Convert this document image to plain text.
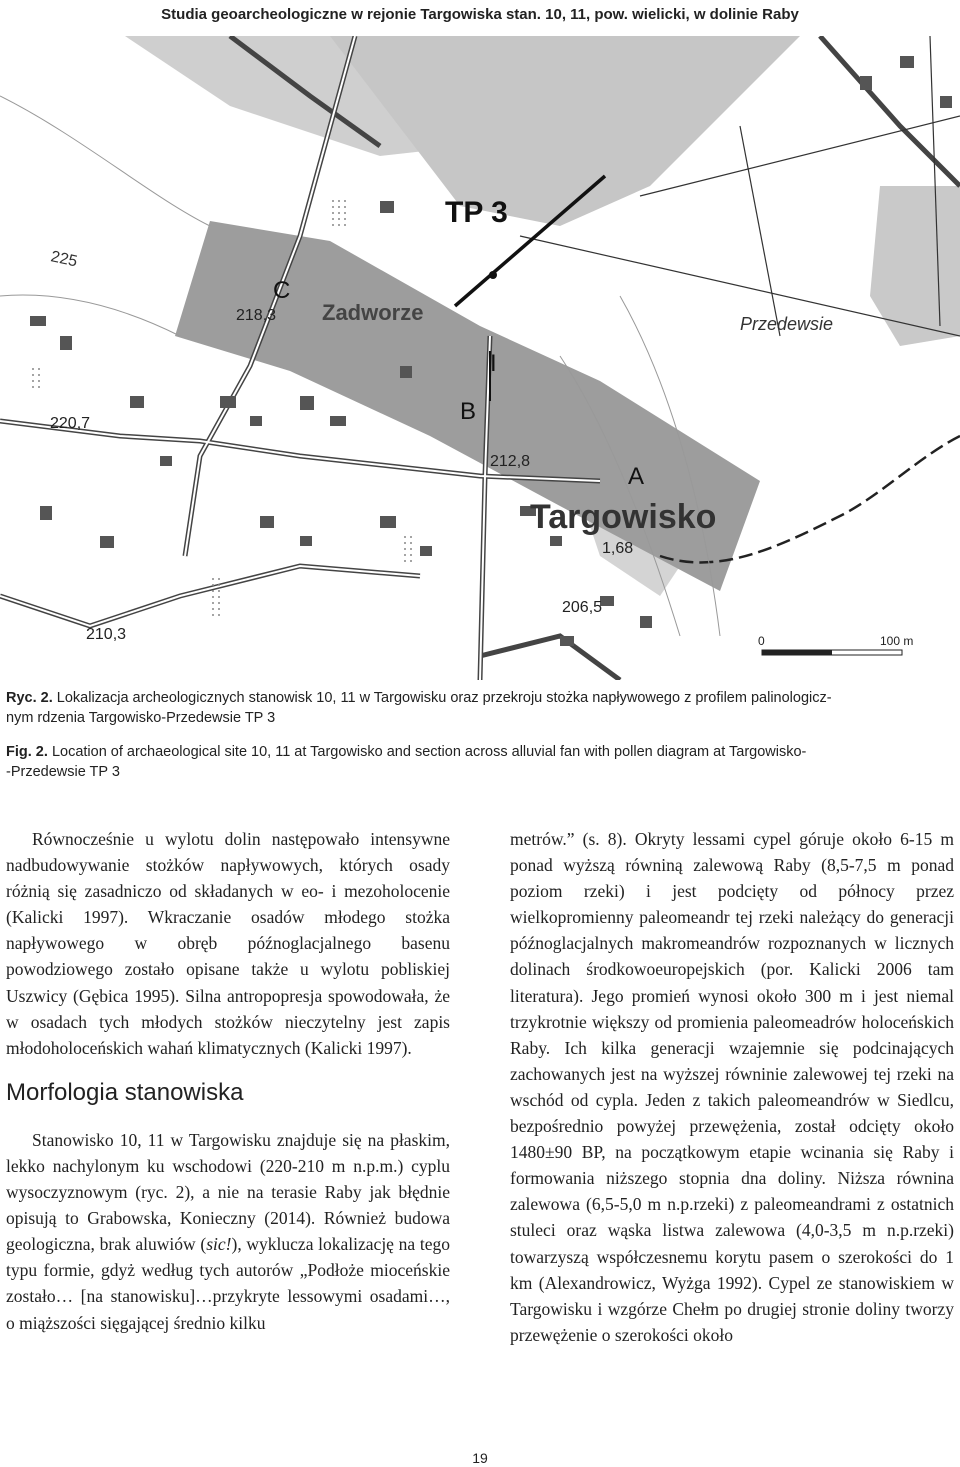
Studia geoarcheologiczne w rejonie Targowiska stan. 10, 11, pow. wielicki, w dolinie Raby
TP 3
C
Zadworze	Przedewsie
B
I
A
Targowisko
225
218,3
220,7
212,8
1,68
206,5
210,3	0	100 m
Ryc. 2. Lokalizacja archeologicznych stanowisk 10, 11 w Targowisku oraz przekroju stożka napływowego z profilem palinologicz-
nym rdzenia Targowisko-Przedewsie TP 3
Fig. 2. Location of archaeological site 10, 11 at Targowisko and section across alluvial fan with pollen diagram at Targowisko-
-Przedewsie TP 3

Równocześnie u wylotu dolin następowało intensywne nadbudowywanie stożków napływowych, których osady różnią się zasadniczo od składanych w eo- i mezoholocenie (Kalicki 1997). Wkraczanie osadów młodego stożka napływowego w obręb późnoglacjalnego basenu powodziowego zostało opisane także u wylotu pobliskiej Uszwicy (Gębica 1995). Silna antropopresja spowodowała, że w osadach tych młodych stożków nieczytelny jest zapis młodoholoceńskich wahań klimatycznych (Kalicki 1997).

Morfologia stanowiska

Stanowisko 10, 11 w Targowisku znajduje się na płaskim, lekko nachylonym ku wschodowi (220-210 m n.p.m.) cyplu wysoczyznowym (ryc. 2), a nie na terasie Raby jak błędnie opisują to Grabowska, Konieczny (2014). Również budowa geologiczna, brak aluwiów (sic!), wyklucza lokalizację na tego typu formie, gdyż według tych autorów „Podłoże mioceńskie zostało… [na stanowisku]…przykryte lessowymi osadami…, o miąższości sięgającej średnio kilku

metrów.” (s. 8). Okryty lessami cypel góruje około 6-15 m ponad wyższą równiną zalewową Raby (8,5-7,5 m ponad poziom rzeki) i jest podcięty od północy przez wielkopromienny paleomeandr tej rzeki należący do generacji późnoglacjalnych makromeandrów rozpoznanych w licznych dolinach środkowoeuropejskich (por. Kalicki 2006 tam literatura). Jego promień wynosi około 300 m i jest niemal trzykrotnie większy od promienia paleomeadrów holoceńskich Raby. Ich kilka generacji wzajemnie się podcinających zachowanych jest na wyższej równinie zalewowej tej rzeki na wschód od cypla. Jeden z takich paleomeandrów w Siedlcu, bezpośrednio powyżej przewężenia, został odcięty około 1480±90 BP, na początkowym etapie wcinania się Raby i formowania niższego stopnia dna doliny. Niższa równina zalewowa (6,5-5,0 m n.p.rzeki) z paleomeandrami z ostatnich stuleci oraz wąska listwa zalewowa (4,0-3,5 m n.p.rzeki) towarzyszą współczesnemu korytu pasem o szerokości do 1 km (Alexandrowicz, Wyżga 1992). Cypel ze stanowiskiem w Targowisku i wzgórze Chełm po drugiej stronie doliny tworzy przewężenie o szerokości około

19
